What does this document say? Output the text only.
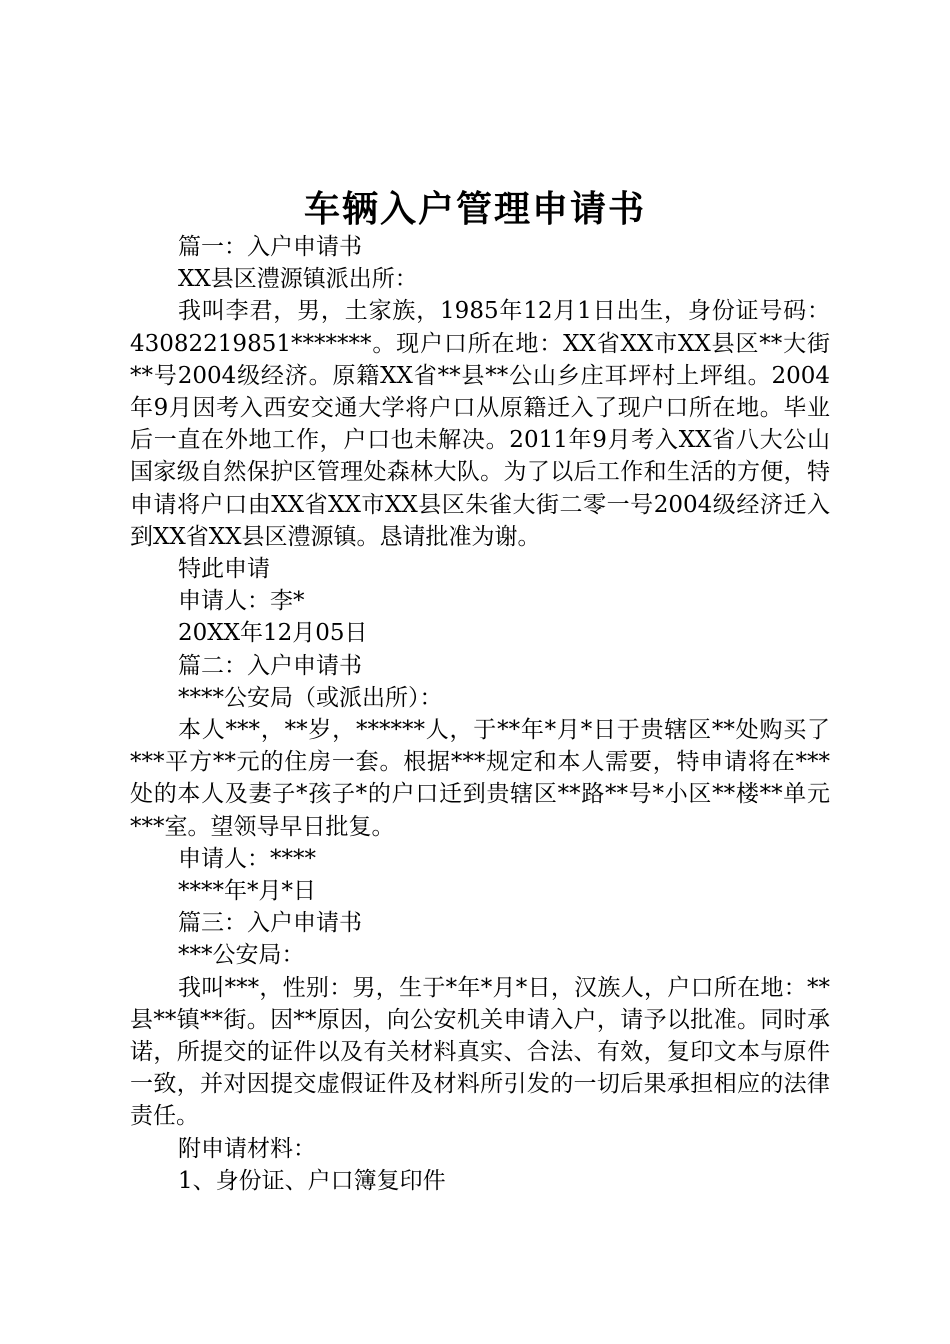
车辆入户管理申请书

篇一：入户申请书

XX县区澧源镇派出所：

我叫李君，男，土家族，1985年12月1日出生，身份证号码：43082219851*******。现户口所在地：XX省XX市XX县区**大街**号2004级经济。原籍XX省**县**公山乡庄耳坪村上坪组。2004年9月因考入西安交通大学将户口从原籍迁入了现户口所在地。毕业后一直在外地工作，户口也未解决。2011年9月考入XX省八大公山国家级自然保护区管理处森林大队。为了以后工作和生活的方便，特申请将户口由XX省XX市XX县区朱雀大街二零一号2004级经济迁入到XX省XX县区澧源镇。恳请批准为谢。

特此申请

申请人：李*

20XX年12月05日

篇二：入户申请书

****公安局（或派出所）：

本人***，**岁，******人，于**年*月*日于贵辖区**处购买了***平方**元的住房一套。根据***规定和本人需要，特申请将在***处的本人及妻子*孩子*的户口迁到贵辖区**路**号*小区**楼**单元***室。望领导早日批复。

申请人：****

****年*月*日

篇三：入户申请书

***公安局：

我叫***，性别：男，生于*年*月*日，汉族人，户口所在地：**县**镇**街。因**原因，向公安机关申请入户，请予以批准。同时承诺，所提交的证件以及有关材料真实、合法、有效，复印文本与原件一致，并对因提交虚假证件及材料所引发的一切后果承担相应的法律责任。

附申请材料：

1、身份证、户口簿复印件
